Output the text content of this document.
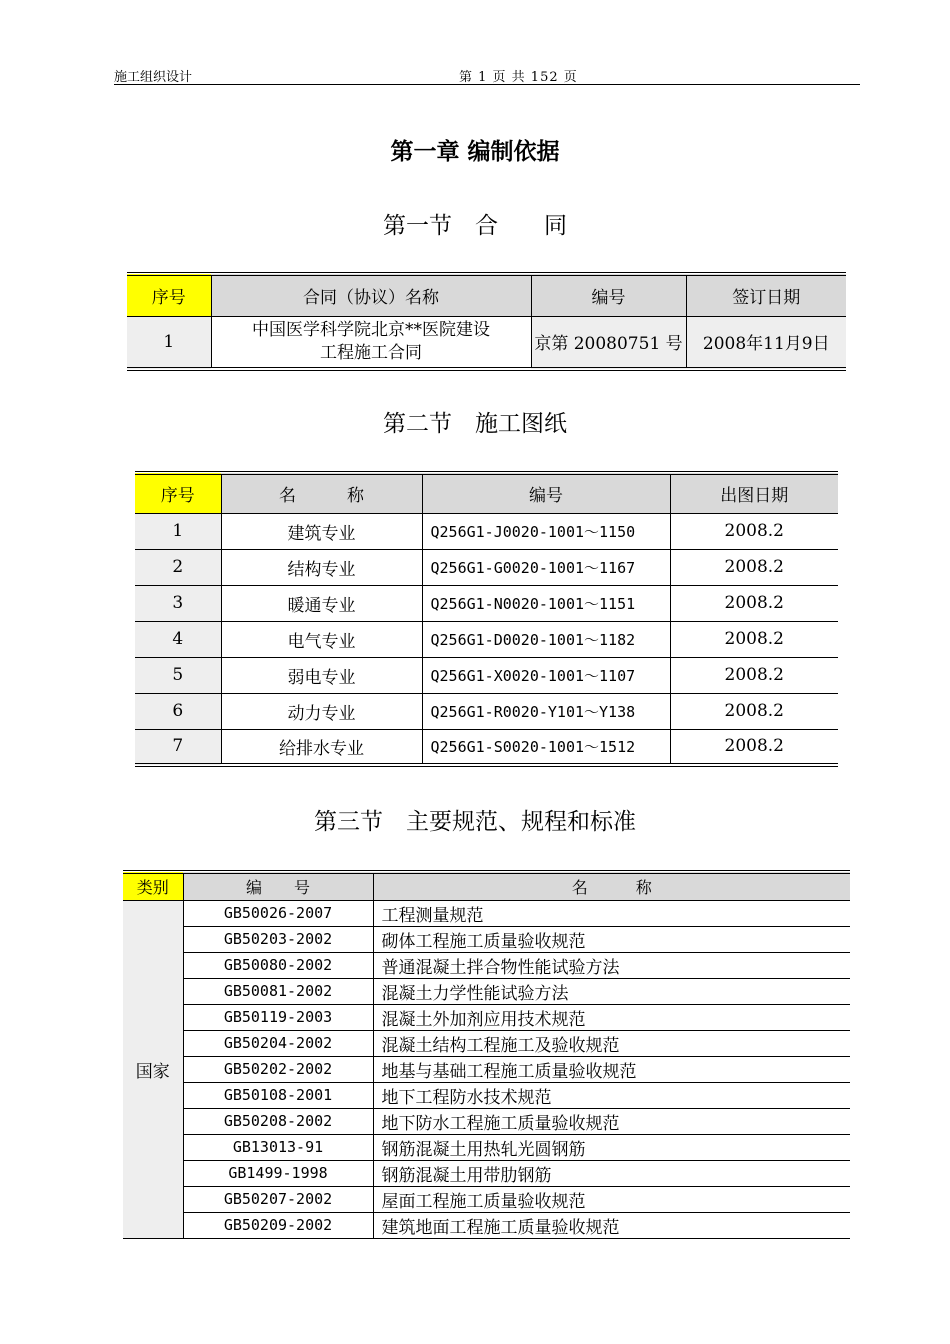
施工组织设计	第 1 页 共 152 页
第一章 编制依据
第一节　合　　同
序号	合同（协议）名称	编号	签订日期
1	中国医学科学院北京**医院建设
工程施工合同	京第 20080751 号	2008年11月9日
第二节　施工图纸
序号	名　　　称	编号	出图日期
1	建筑专业	Q256G1-J0020-1001～1150	2008.2
2	结构专业	Q256G1-G0020-1001～1167	2008.2
3	暖通专业	Q256G1-N0020-1001～1151	2008.2
4	电气专业	Q256G1-D0020-1001～1182	2008.2
5	弱电专业	Q256G1-X0020-1001～1107	2008.2
6	动力专业	Q256G1-R0020-Y101～Y138	2008.2
7	给排水专业	Q256G1-S0020-1001～1512	2008.2
第三节　主要规范、规程和标准
类别	编　　号	名　　　称
国家	GB50026-2007	工程测量规范
	GB50203-2002	砌体工程施工质量验收规范
	GB50080-2002	普通混凝土拌合物性能试验方法
	GB50081-2002	混凝土力学性能试验方法
	GB50119-2003	混凝土外加剂应用技术规范
	GB50204-2002	混凝土结构工程施工及验收规范
	GB50202-2002	地基与基础工程施工质量验收规范
	GB50108-2001	地下工程防水技术规范
	GB50208-2002	地下防水工程施工质量验收规范
	GB13013-91	钢筋混凝土用热轧光圆钢筋
	GB1499-1998	钢筋混凝土用带肋钢筋
	GB50207-2002	屋面工程施工质量验收规范
	GB50209-2002	建筑地面工程施工质量验收规范
